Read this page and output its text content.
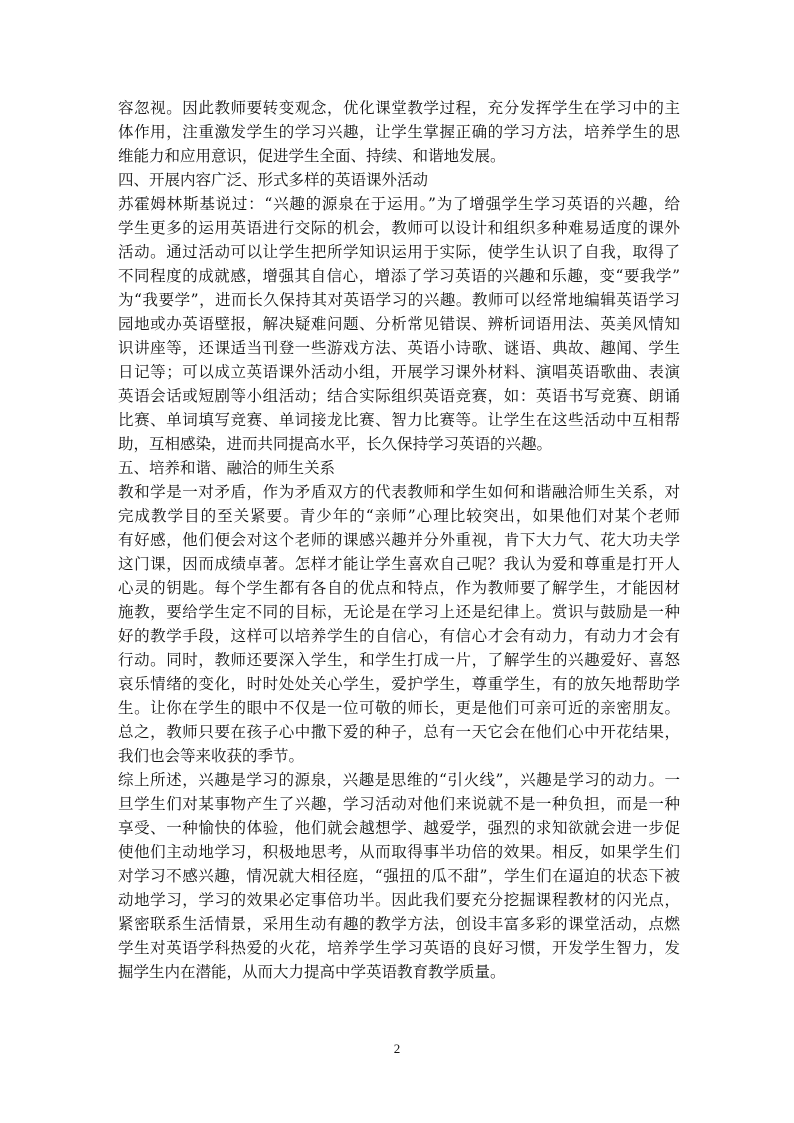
容忽视。因此教师要转变观念，优化课堂教学过程，充分发挥学生在学习中的主
体作用，注重激发学生的学习兴趣，让学生掌握正确的学习方法，培养学生的思
维能力和应用意识，促进学生全面、持续、和谐地发展。
四、开展内容广泛、形式多样的英语课外活动
苏霍姆林斯基说过：“兴趣的源泉在于运用。”为了增强学生学习英语的兴趣，给
学生更多的运用英语进行交际的机会，教师可以设计和组织多种难易适度的课外
活动。通过活动可以让学生把所学知识运用于实际，使学生认识了自我，取得了
不同程度的成就感，增强其自信心，增添了学习英语的兴趣和乐趣，变“要我学”
为“我要学”，进而长久保持其对英语学习的兴趣。教师可以经常地编辑英语学习
园地或办英语壁报，解决疑难问题、分析常见错误、辨析词语用法、英美风情知
识讲座等，还课适当刊登一些游戏方法、英语小诗歌、谜语、典故、趣闻、学生
日记等；可以成立英语课外活动小组，开展学习课外材料、演唱英语歌曲、表演
英语会话或短剧等小组活动；结合实际组织英语竞赛，如：英语书写竞赛、朗诵
比赛、单词填写竞赛、单词接龙比赛、智力比赛等。让学生在这些活动中互相帮
助，互相感染，进而共同提高水平，长久保持学习英语的兴趣。
五、培养和谐、融洽的师生关系
教和学是一对矛盾，作为矛盾双方的代表教师和学生如何和谐融洽师生关系，对
完成教学目的至关紧要。青少年的“亲师”心理比较突出，如果他们对某个老师
有好感，他们便会对这个老师的课感兴趣并分外重视，肯下大力气、花大功夫学
这门课，因而成绩卓著。怎样才能让学生喜欢自己呢？我认为爱和尊重是打开人
心灵的钥匙。每个学生都有各自的优点和特点，作为教师要了解学生，才能因材
施教，要给学生定不同的目标，无论是在学习上还是纪律上。赏识与鼓励是一种
好的教学手段，这样可以培养学生的自信心，有信心才会有动力，有动力才会有
行动。同时，教师还要深入学生，和学生打成一片，了解学生的兴趣爱好、喜怒
哀乐情绪的变化，时时处处关心学生，爱护学生，尊重学生，有的放矢地帮助学
生。让你在学生的眼中不仅是一位可敬的师长，更是他们可亲可近的亲密朋友。
总之，教师只要在孩子心中撒下爱的种子，总有一天它会在他们心中开花结果，
我们也会等来收获的季节。
综上所述，兴趣是学习的源泉，兴趣是思维的“引火线”，兴趣是学习的动力。一
旦学生们对某事物产生了兴趣，学习活动对他们来说就不是一种负担，而是一种
享受、一种愉快的体验，他们就会越想学、越爱学，强烈的求知欲就会进一步促
使他们主动地学习，积极地思考，从而取得事半功倍的效果。相反，如果学生们
对学习不感兴趣，情况就大相径庭，“强扭的瓜不甜”，学生们在逼迫的状态下被
动地学习，学习的效果必定事倍功半。因此我们要充分挖掘课程教材的闪光点，
紧密联系生活情景，采用生动有趣的教学方法，创设丰富多彩的课堂活动，点燃
学生对英语学科热爱的火花，培养学生学习英语的良好习惯，开发学生智力，发
掘学生内在潜能，从而大力提高中学英语教育教学质量。
2
